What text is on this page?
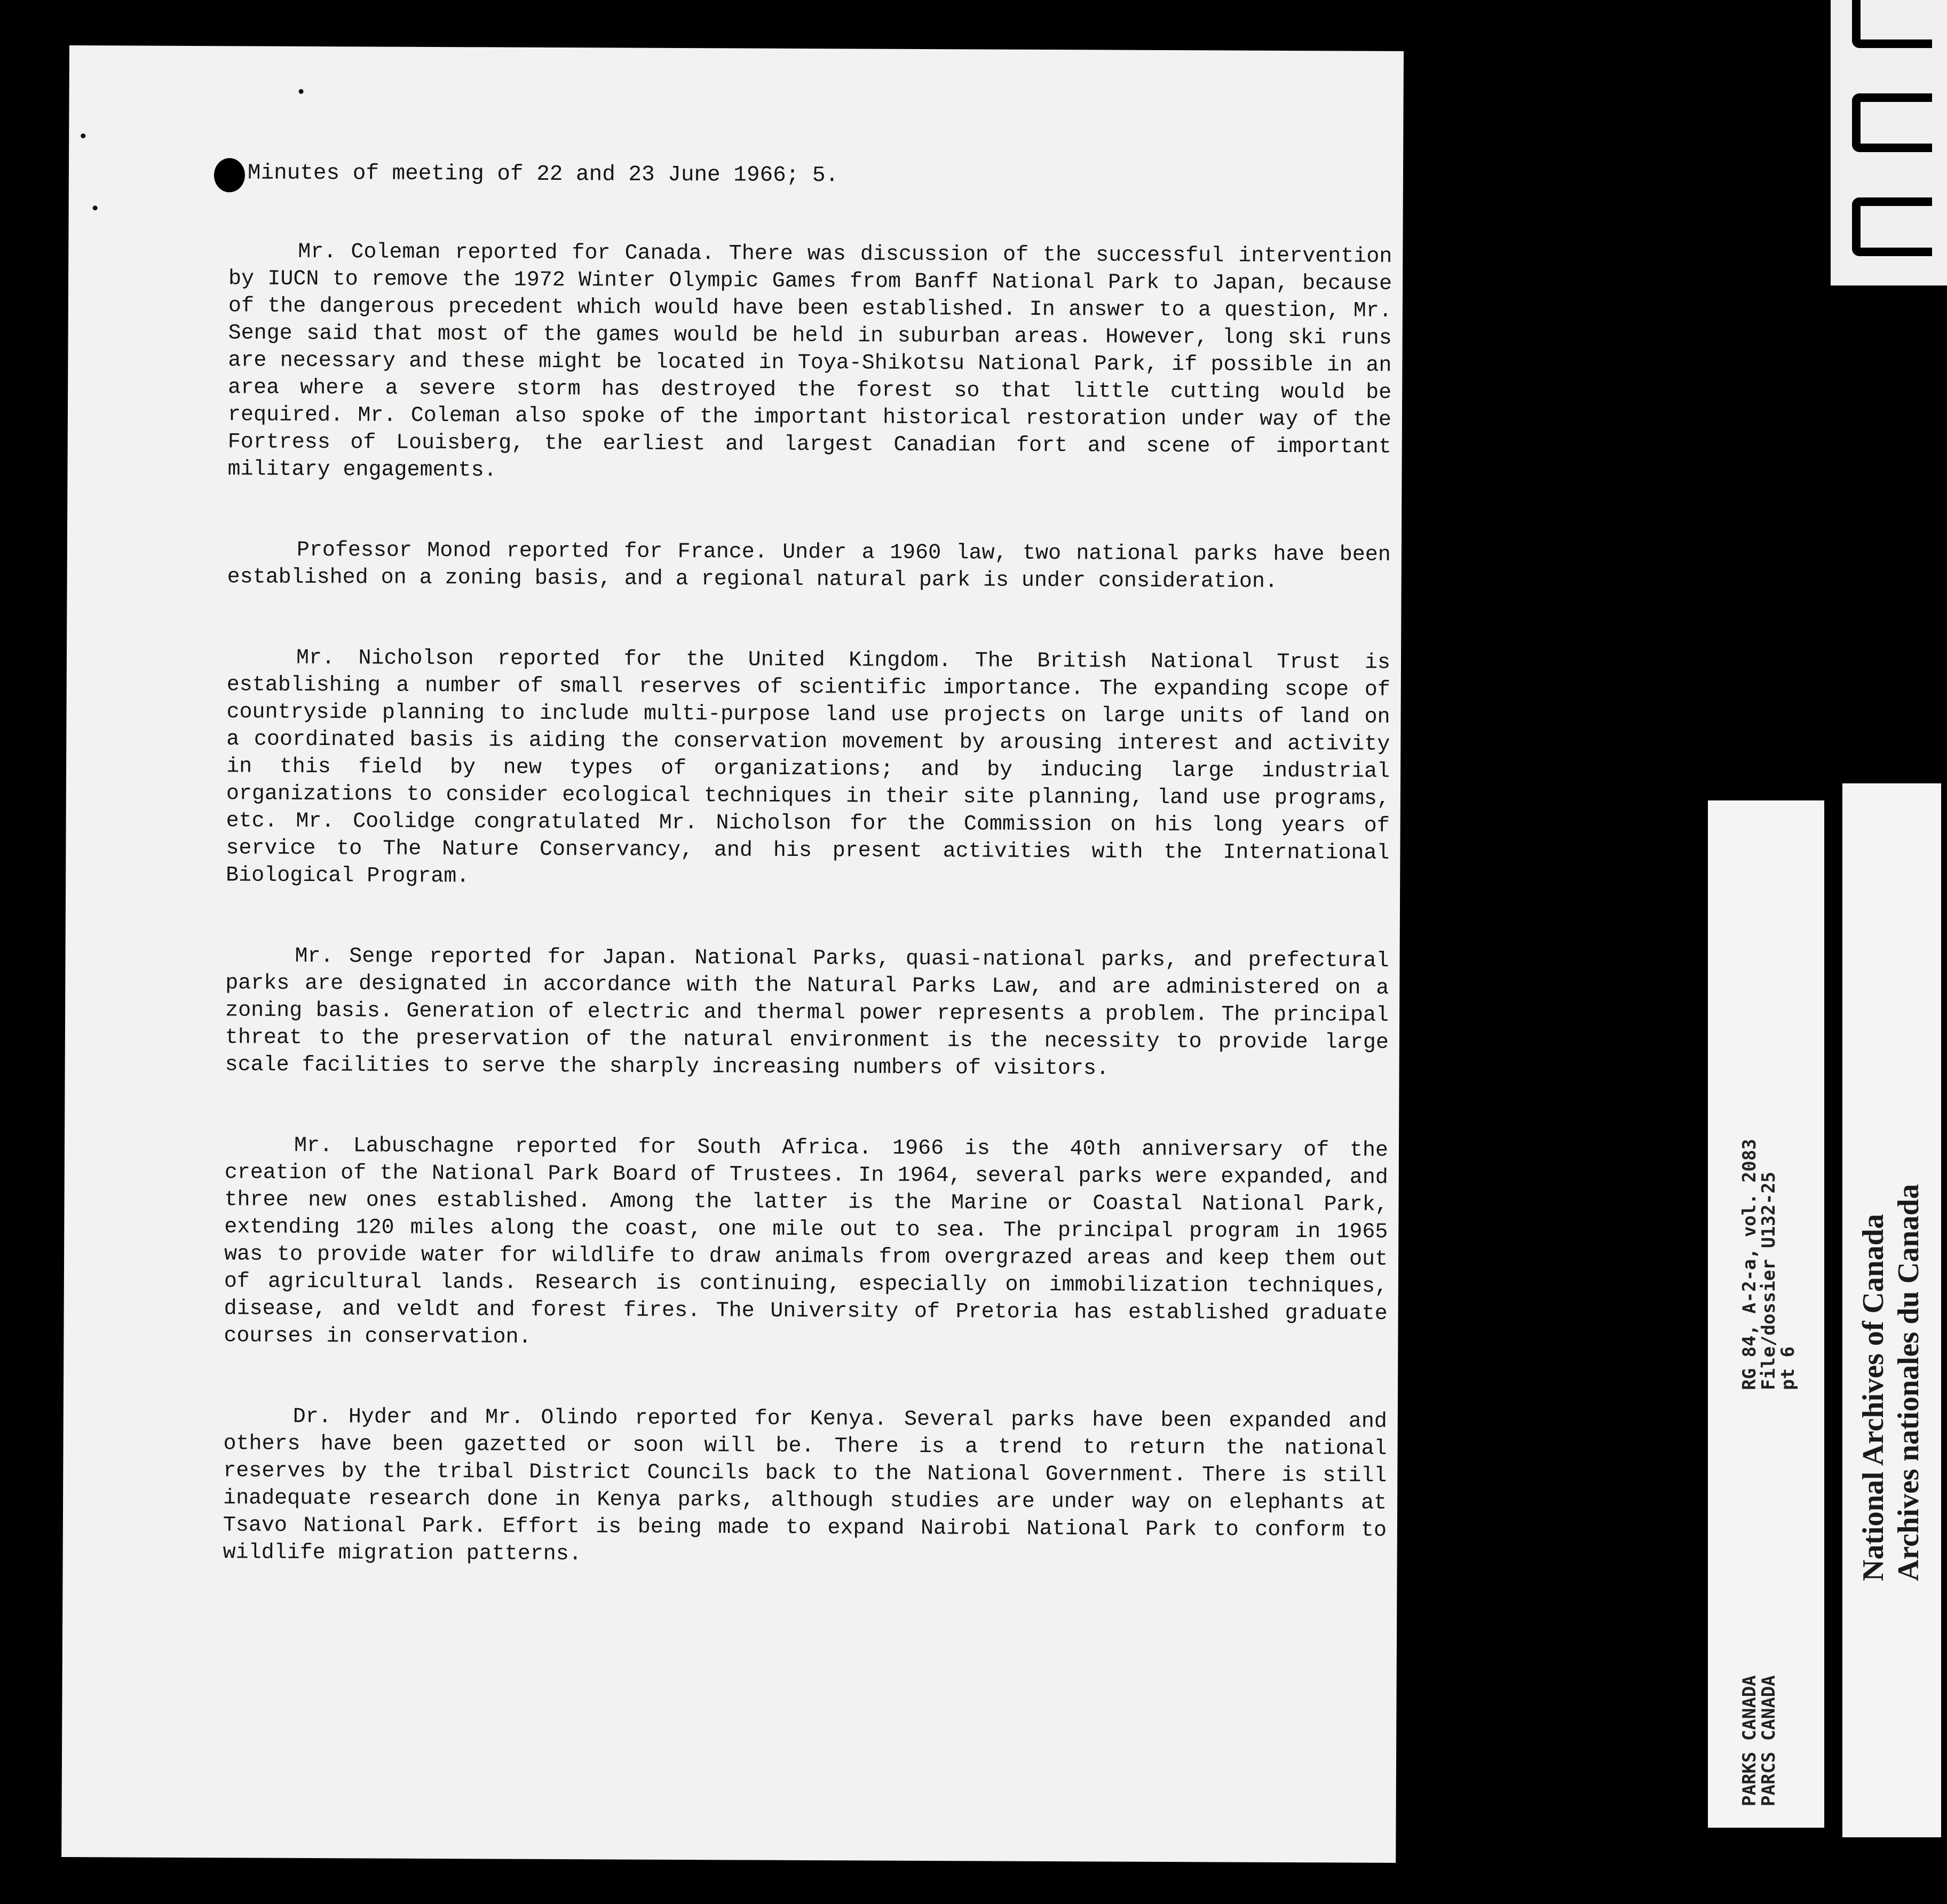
Minutes of meeting of 22 and 23 June 1966; 5.

Mr. Coleman reported for Canada. There was discussion of the successful intervention by IUCN to remove the 1972 Winter Olympic Games from Banff National Park to Japan, because of the dangerous precedent which would have been established. In answer to a question, Mr. Senge said that most of the games would be held in suburban areas. However, long ski runs are necessary and these might be located in Toya-Shikotsu National Park, if possible in an area where a severe storm has destroyed the forest so that little cutting would be required. Mr. Coleman also spoke of the important historical restoration under way of the Fortress of Louisberg, the earliest and largest Canadian fort and scene of important military engagements.

Professor Monod reported for France. Under a 1960 law, two national parks have been established on a zoning basis, and a regional natural park is under consideration.

Mr. Nicholson reported for the United Kingdom. The British National Trust is establishing a number of small reserves of scientific importance. The expanding scope of countryside planning to include multi-purpose land use projects on large units of land on a coordinated basis is aiding the conservation movement by arousing interest and activity in this field by new types of organizations; and by inducing large industrial organizations to consider ecological techniques in their site planning, land use programs, etc. Mr. Coolidge congratulated Mr. Nicholson for the Commission on his long years of service to The Nature Conservancy, and his present activities with the International Biological Program.

Mr. Senge reported for Japan. National Parks, quasi-national parks, and prefectural parks are designated in accordance with the Natural Parks Law, and are administered on a zoning basis. Generation of electric and thermal power represents a problem. The principal threat to the preservation of the natural environment is the necessity to provide large scale facilities to serve the sharply increasing numbers of visitors.

Mr. Labuschagne reported for South Africa. 1966 is the 40th anniversary of the creation of the National Park Board of Trustees. In 1964, several parks were expanded, and three new ones established. Among the latter is the Marine or Coastal National Park, extending 120 miles along the coast, one mile out to sea. The principal program in 1965 was to provide water for wildlife to draw animals from overgrazed areas and keep them out of agricultural lands. Research is continuing, especially on immobilization techniques, disease, and veldt and forest fires. The University of Pretoria has established graduate courses in conservation.

Dr. Hyder and Mr. Olindo reported for Kenya. Several parks have been expanded and others have been gazetted or soon will be. There is a trend to return the national reserves by the tribal District Councils back to the National Government. There is still inadequate research done in Kenya parks, although studies are under way on elephants at Tsavo National Park. Effort is being made to expand Nairobi National Park to conform to wildlife migration patterns.

PARKS CANADA
PARCS CANADA
RG 84, A-2-a, vol. 2083
File/dossier U132-25
pt 6 National Archives of Canada Archives nationales du Canada
